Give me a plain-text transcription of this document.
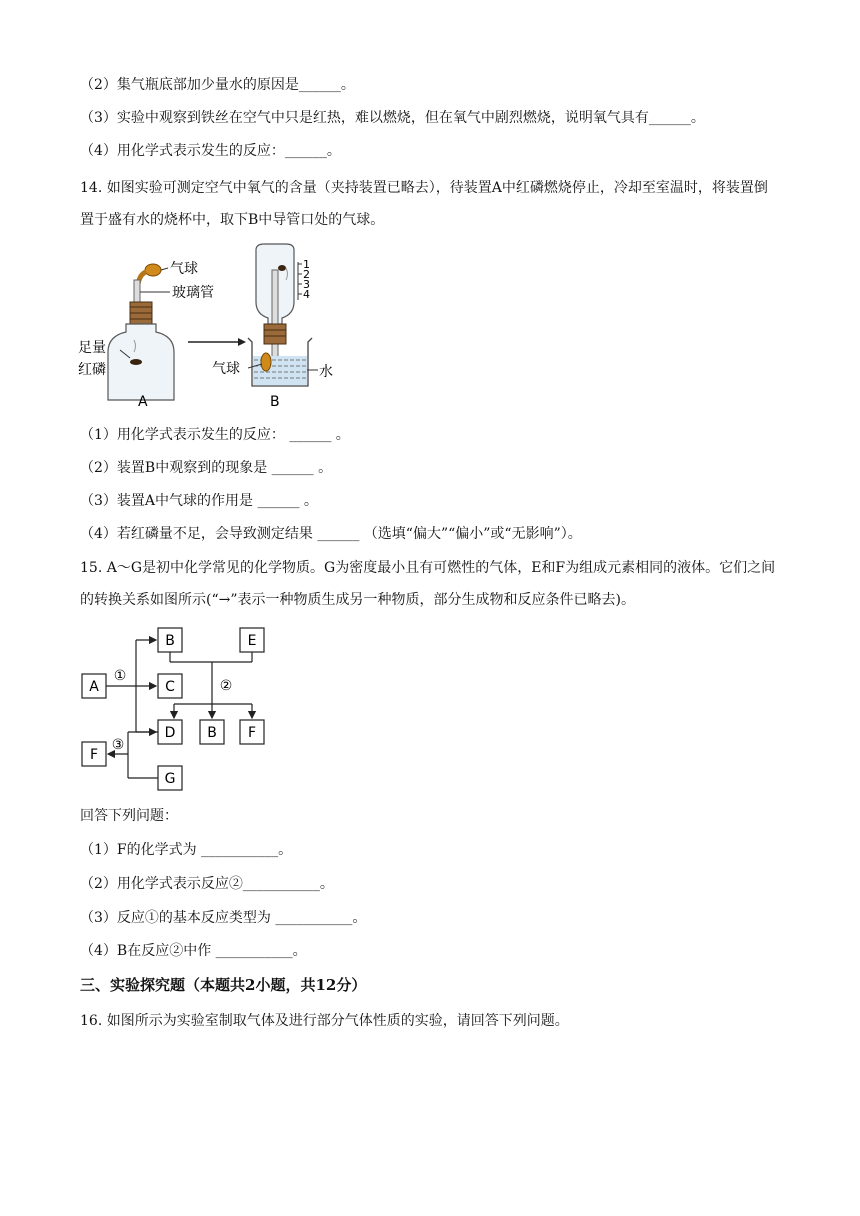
（2）集气瓶底部加少量水的原因是______。
（3）实验中观察到铁丝在空气中只是红热，难以燃烧，但在氧气中剧烈燃烧，说明氧气具有______。
（4）用化学式表示发生的反应：______。
14. 如图实验可测定空气中氧气的含量（夹持装置已略去），待装置A中红磷燃烧停止，冷却至室温时，将装置倒置于盛有水的烧杯中，取下B中导管口处的气球。
气球
玻璃管
足量
红磷
A
1
2
3
4
气球	水
B
（1）用化学式表示发生的反应： ______ 。
（2）装置B中观察到的现象是 ______ 。
（3）装置A中气球的作用是 ______ 。
（4）若红磷量不足，会导致测定结果 ______ （选填“偏大”“偏小”或“无影响”）。
15. A～G是初中化学常见的化学物质。G为密度最小且有可燃性的气体，E和F为组成元素相同的液体。它们之间的转换关系如图所示(“→”表示一种物质生成另一种物质，部分生成物和反应条件已略去)。
A
B
C
D
E
B F
F
G
①
②
③
回答下列问题：
（1）F的化学式为 ___________。
（2）用化学式表示反应②___________。
（3）反应①的基本反应类型为 ___________。
（4）B在反应②中作 ___________。
三、实验探究题（本题共2小题，共12分）
16. 如图所示为实验室制取气体及进行部分气体性质的实验，请回答下列问题。
